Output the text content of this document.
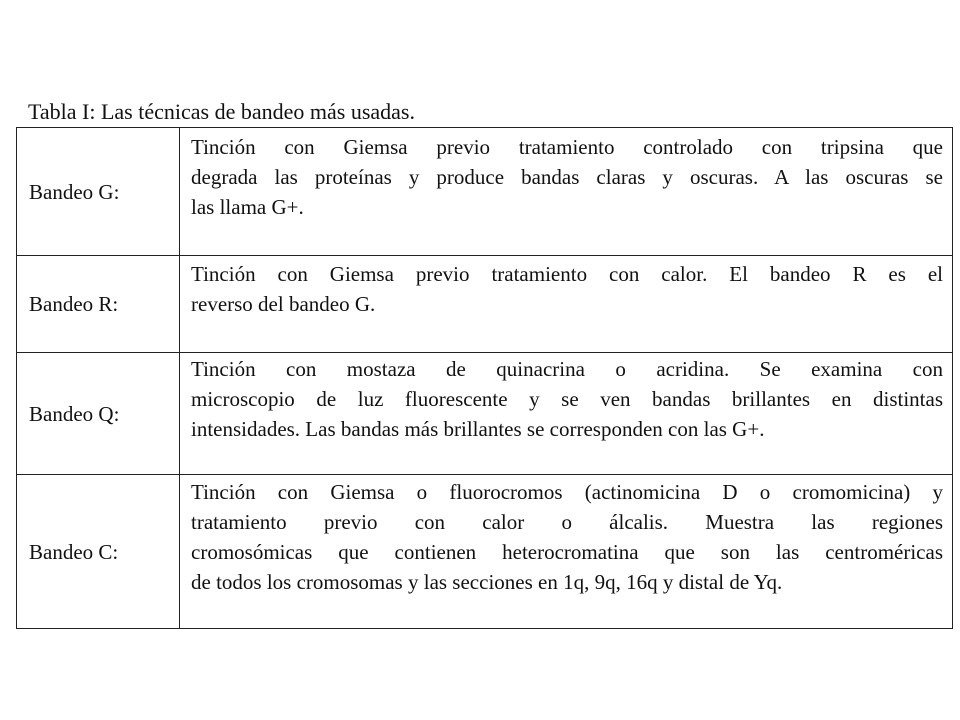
Tabla I: Las técnicas de bandeo más usadas.
Bandeo G:	Tinción con Giemsa previo tratamiento controlado con tripsina que
degrada las proteínas y produce bandas claras y oscuras. A las oscuras se
las llama G+.

Bandeo R:	Tinción con Giemsa previo tratamiento con calor. El bandeo R es el
reverso del bandeo G.

Bandeo Q:	Tinción con mostaza de quinacrina o acridina. Se examina con
microscopio de luz fluorescente y se ven bandas brillantes en distintas
intensidades. Las bandas más brillantes se corresponden con las G+.

Bandeo C:	Tinción con Giemsa o fluorocromos (actinomicina D o cromomicina) y
tratamiento previo con calor o álcalis. Muestra las regiones
cromosómicas que contienen heterocromatina que son las centroméricas
de todos los cromosomas y las secciones en 1q, 9q, 16q y distal de Yq.
